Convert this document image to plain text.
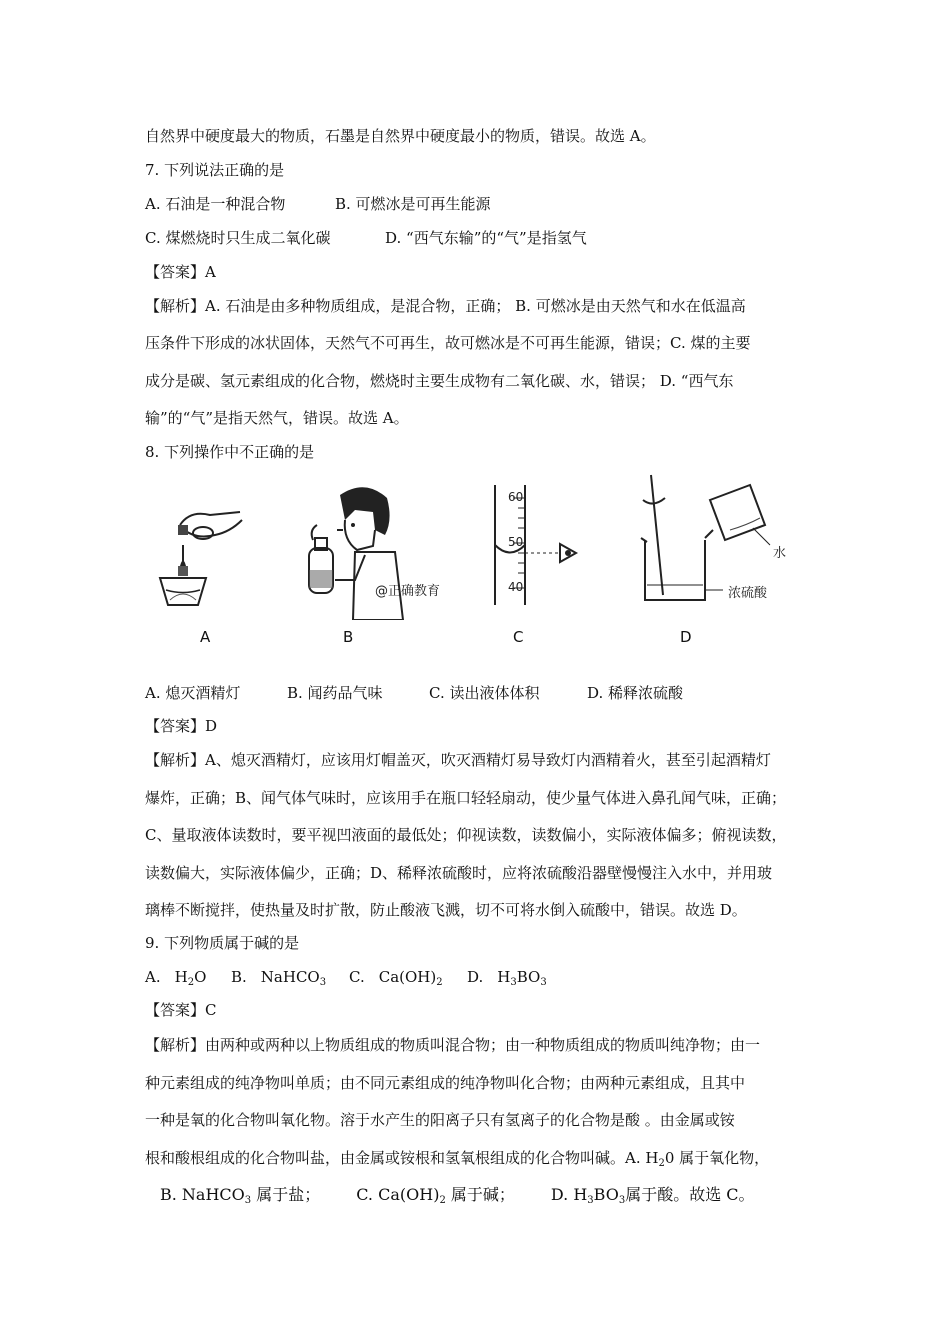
自然界中硬度最大的物质，石墨是自然界中硬度最小的物质，错误。故选 A。
7. 下列说法正确的是
A. 石油是一种混合物	B. 可燃冰是可再生能源
C. 煤燃烧时只生成二氧化碳	D. “西气东输”的“气”是指氢气
【答案】A
【解析】A. 石油是由多种物质组成，是混合物，正确； B. 可燃冰是由天然气和水在低温高
压条件下形成的冰状固体，天然气不可再生，故可燃冰是不可再生能源，错误；C. 煤的主要
成分是碳、氢元素组成的化合物，燃烧时主要生成物有二氧化碳、水，错误； D. “西气东
输”的“气”是指天然气，错误。故选 A。
8. 下列操作中不正确的是
@正确教育
60
50
40
水
浓硫酸
A	B	C	D
A. 熄灭酒精灯	B. 闻药品气味	C. 读出液体体积	D. 稀释浓硫酸
【答案】D
【解析】A、熄灭酒精灯，应该用灯帽盖灭，吹灭酒精灯易导致灯内酒精着火，甚至引起酒精灯
爆炸，正确；B、闻气体气味时，应该用手在瓶口轻轻扇动，使少量气体进入鼻孔闻气味，正确；
C、量取液体读数时，要平视凹液面的最低处；仰视读数，读数偏小，实际液体偏多；俯视读数，
读数偏大，实际液体偏少，正确；D、稀释浓硫酸时，应将浓硫酸沿器壁慢慢注入水中，并用玻
璃棒不断搅拌，使热量及时扩散，防止酸液飞溅，切不可将水倒入硫酸中，错误。故选 D。
9. 下列物质属于碱的是
A. $H_2O$ B. NaHCO$_3$ C. $Ca(OH)_2$ D. $H_3BO_3$
【答案】C
【解析】由两种或两种以上物质组成的物质叫混合物；由一种物质组成的物质叫纯净物；由一
种元素组成的纯净物叫单质；由不同元素组成的纯净物叫化合物；由两种元素组成，且其中
一种是氧的化合物叫氧化物。溶于水产生的阳离子只有氢离子的化合物是酸 。由金属或铵
根和酸根组成的化合物叫盐，由金属或铵根和氢氧根组成的化合物叫碱。A. $H_20$ 属于氧化物，
B. NaHCO$_3$ 属于盐； C. $Ca(OH)_2$ 属于碱； D. $H_3BO_3$属于酸。故选 C。
